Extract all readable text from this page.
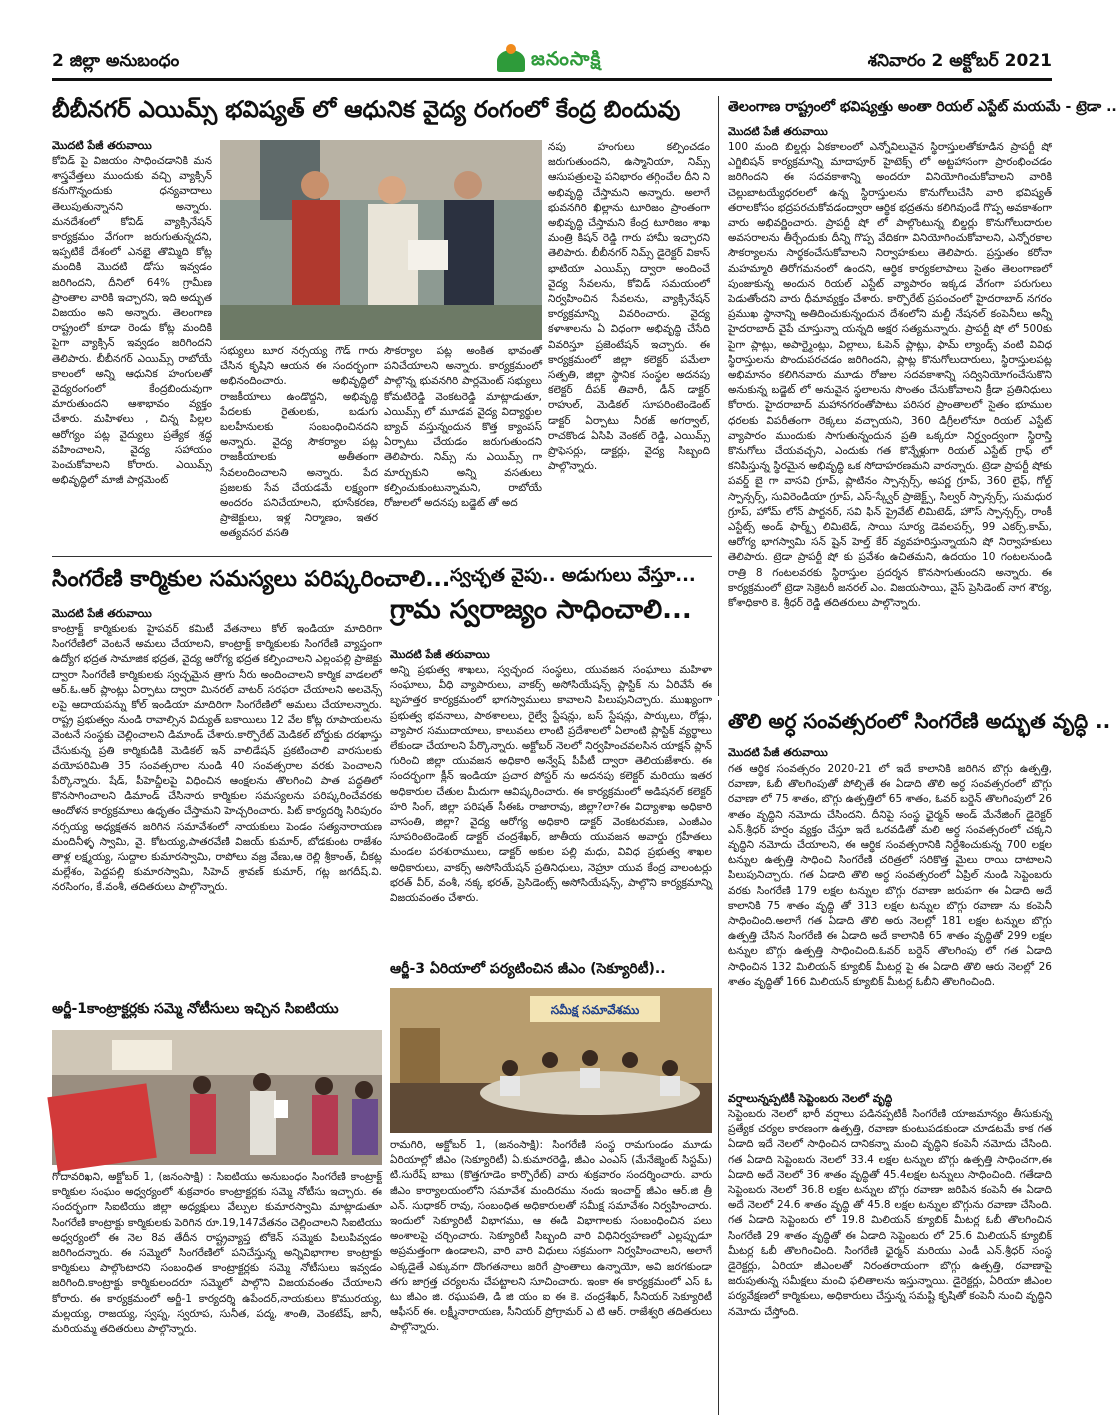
2 జిల్లా అనుబంధం	జనంసాక్షి	శనివారం 2 అక్టోబర్ 2021
బీబీనగర్ ఎయిమ్స్ భవిష్యత్ లో ఆధునిక వైద్య రంగంలో కేంద్ర బిందువు
మొదటి పేజీ తరువాయి
కోవిడ్ పై విజయం సాధించడానికి మన శాస్త్రవేత్తలు ముందుకు వచ్చి వ్యాక్సిన్ కనుగొన్నందుకు ధన్యవాదాలు తెలుపుతున్నానని అన్నారు. మనదేశంలో కోవిడ్ వ్యాక్సినేషన్ కార్యక్రమం వేగంగా జరుగుతున్నదని, ఇప్పటికే దేశంలో ఎనభై తొమ్మిది కోట్ల మందికి మొదటి డోసు ఇవ్వడం జరిగిందని, దీనిలో 64% గ్రామీణ ప్రాంతాల వారికి ఇచ్చారని, ఇది అద్భుత విజయం అని అన్నారు. తెలంగాణ రాష్ట్రంలో కూడా రెండు కోట్ల మందికి పైగా వ్యాక్సిన్ ఇవ్వడం జరిగిందని తెలిపారు. బీబీనగర్ ఎయిమ్స్ రాబోయే కాలంలో అన్ని ఆధునిక హంగులతో వైద్యరంగంలో కేంద్రబిందువుగా మారుతుందని ఆశాభావం వ్యక్తం చేశారు. మహిళలు , చిన్న పిల్లల ఆరోగ్యం పట్ల వైద్యులు ప్రత్యేక శ్రద్ధ వహించాలని, వైద్య సహాయం పెంచుకోవాలని కోరారు. ఎయిమ్స్ అభివృద్ధిలో మాజీ పార్లమెంట్
సభ్యులు బూర నర్సయ్య గౌడ్ గారు చేసిన కృషిని ఆయన ఈ సందర్భంగా అభినందించారు. అభివృద్ధిలో రాజకీయాలు ఉండొద్దని, అభివృద్ధి పేదలకు రైతులకు, బడుగు బలహీనులకు సంబంధించినదని అన్నారు. వైద్య సౌకర్యాల పట్ల రాజకీయాలకు అతీతంగా సేవలందించాలని అన్నారు. పేద ప్రజలకు సేవ చేయడమే లక్ష్యంగా అందరం పనిచేయాలని, భూసేకరణ, ప్రాజెక్టులు, ఇళ్ల నిర్మాణం, ఇతర అత్యవసర వసతి
సౌకర్యాల పట్ల అంకిత భావంతో పనిచేయాలని అన్నారు. కార్యక్రమంలో పాల్గొన్న భువనగిరి పార్లమెంట్ సభ్యులు కోమటిరెడ్డి వెంకటరెడ్డి మాట్లాడుతూ, ఎయిమ్స్ లో మూడవ వైద్య విద్యార్థుల బ్యాచ్ వస్తున్నందున కొత్త క్యాంపస్ ఏర్పాటు చేయడం జరుగుతుందని తెలిపారు. నిమ్స్ ను ఎయిమ్స్ గా మార్చుకుని అన్ని వసతులు కల్పించుకుంటున్నామని, రాబోయే రోజులలో అదనపు బడ్జెట్ తో అద
నపు హంగులు కల్పించడం జరుగుతుందని, ఉస్మానియా, నిమ్స్ ఆసుపత్రులపై పనిభారం తగ్గించేల దీని ని అభివృద్ధి చేస్తామని అన్నారు. అలాగే భువనగిరి ఖిల్లాను టూరిజం ప్రాంతంగా అభివృద్ధి చేస్తామని కేంద్ర టూరిజం శాఖ మంత్రి కిషన్ రెడ్డి గారు హామీ ఇచ్చారని తెలిపారు. బీబీనగర్ నిమ్స్ డైరెక్టర్ వికాస్ భాటియా ఎయిమ్స్ ద్వారా అందించే వైద్య సేవలను, కోవిడ్ సమయంలో నిర్వహించిన సేవలను, వ్యాక్సినేషన్ కార్యక్రమాన్ని వివరించారు. వైద్య కళాశాలను ఏ విధంగా అభివృద్ధి చేసేది వివరిస్తూ ప్రజెంటేషన్ ఇచ్చారు. ఈ కార్యక్రమంలో జిల్లా కలెక్టర్ పమేలా సత్పతి, జిల్లా స్థానిక సంస్థల అదనపు కలెక్టర్ దీపక్ తివారీ, డీన్ డాక్టర్ రాహుల్, మెడికల్ సూపరింటెండెంట్ డాక్టర్ ఏర్పాటు నీరజ్ అగర్వాల్, రాచకొండ ఏసిపి వెంకట్ రెడ్డి, ఎయిమ్స్ ప్రొఫెసర్లు, డాక్టర్లు, వైద్య సిబ్బంది పాల్గొన్నారు.
తెలంగాణ రాష్ట్రంలో భవిష్యత్తు అంతా రియల్ ఎస్టేట్ మయమే - ట్రెడా ..
మొదటి పేజీ తరువాయి
100 మంది బిల్డర్లు ఏకకాలంలో ఎన్నోవిలువైన స్థిరాస్తులతోకూడిన ప్రాపర్టీ షో ఎగ్జిబిషన్ కార్యక్రమాన్ని మాదాపూర్ హైటెక్స్ లో అట్టహాసంగా ప్రారంభించడం జరిగిందని ఈ సదవకాశాన్ని అందరూ వినియోగించుకోవాలని వారికి చెల్లుబాటయ్యేధరలలో ఉన్న స్థిరాస్తులను కొనుగోలుచేసి వారి భవిష్యత్ తరాలకోసం భద్రపరచుకోవడంద్వారా ఆర్థిక భద్రతను కలిగివుండే గొప్ప అవకాశంగా వారు అభివర్ణించారు. ప్రాపర్టీ షో లో పాల్గొంటున్న బిల్డర్లు కొనుగోలుదారుల అవసరాలను తీర్చేందుకు దీన్ని గొప్ప వేదికగా వినియోగించుకోవాలని, ఎన్నోరకాల సౌకర్యాలను సార్థకంచేసుకోవాలని నిర్వాహకులు తెలిపారు. ప్రస్తుతం కరోనా మహమ్మారి తిరోగమనంలో ఉందని, ఆర్థిక కార్యకలాపాలు సైతం తెలంగాణలో పుంజుకున్న అందున రియల్ ఎస్టేట్ వ్యాపారం ఇక్కడ వేగంగా పరుగులు పెడుతోందని వారు ధీమావ్యక్తం చేశారు. కార్పొరేట్ ప్రపంచంలో హైదరాబాద్ నగరం ప్రముఖ స్థానాన్ని అతిదించుకున్నందున దేశంలోని మల్టీ నేషనల్ కంపెనీలు అన్నీ హైదరాబాద్ వైపే చూస్తున్నా యన్నది అక్షర సత్యమన్నారు. ప్రాపర్టీ షో లో 500కు పైగా ప్లాట్లు, అపార్ట్మెంట్లు, విల్లాలు, ఓపెన్ ప్లాట్లు, ఫామ్ ల్యాండ్స్ వంటి వివిధ స్థిరాస్తులను పొందుపరచడం జరిగిందని, ప్లాట్ల కొనుగోలుదారులు, స్థిరాస్తులపట్ల అభిమానం కలిగినవారు మూడు రోజుల సదవకాశాన్ని సద్వినియోగంచేసుకొని అనుకున్న బడ్జెట్ లో అనువైన స్థలాలను సొంతం చేసుకోవాలని క్రీడా ప్రతినిధులు కోరారు. హైదరాబాద్ మహానగరంతోపాటు పరిసర ప్రాంతాలలో సైతం భూముల ధరలకు విపరీతంగా రెక్కలు వచ్చాయని, 360 డిగ్రీలలోనూ రియల్ ఎస్టేట్ వ్యాపారం ముందుకు సాగుతున్నందున ప్రతి ఒక్కరూ నిర్ధ్వంద్వంగా స్థిరాస్తి కొనుగోలు చేయవచ్చని, ఎందుకు గత కొన్నేళ్లుగా రియల్ ఎస్టేట్ గ్రాఫ్ లో కనిపిస్తున్న స్థిరమైన అభివృద్ధి ఒక సోదాహరణమని వారన్నారు. ట్రెడా ప్రాపర్టీ షోకు పవర్డ్ బై గా వాసవి గ్రూప్, ప్లాటినం స్పాన్సర్స్, అపర్ణ గ్రూప్, 360 లైఫ్, గోల్డ్ స్పాన్సర్స్, సువిరెండియా గ్రూప్, ఎస్-స్క్వేర్ ప్రాజెక్ట్స్, సిల్వర్ స్పాన్సర్స్, సుమధుర గ్రూప్, హోమ్ లోన్ పార్టనర్, సవి ఫిన్ ప్రైవేట్ లిమిటెడ్, హౌస్ స్పాన్సర్స్, రాంకీ ఎస్టేట్స్ అండ్ ఫార్మ్స్ లిమిటెడ్, సాయి సూర్య డెవలపర్స్, 99 ఎకర్స్.కామ్, ఆరోగ్య భాగస్వామి సన్ షైన్ హెల్త్ కేర్ వ్యవహరిస్తున్నాయని షో నిర్వాహకులు తెలిపారు. ట్రెడా ప్రాపర్టీ షో కు ప్రవేశం ఉచితమని, ఉదయం 10 గంటలనుండి రాత్రి 8 గంటలవరకు స్థిరాస్తుల ప్రదర్శన కొనసాగుతుందని అన్నారు. ఈ కార్యక్రమంలో ట్రెడా సెక్రెటరీ జనరల్ ఎం. విజయసాయి, వైస్ ప్రెసిడెంట్ నాగ శౌర్య, కోశాధికారి కె. శ్రీధర్ రెడ్డి తదితరులు పాల్గొన్నారు.
సింగరేణి కార్మికుల సమస్యలు పరిష్కరించాలి...
మొదటి పేజీ తరువాయి
కాంట్రాక్ట్ కార్మికులకు హైపవర్ కమిటీ వేతనాలు కోల్ ఇండియా మాదిరిగా సింగరేణిలో వెంటనే అమలు చేయాలని, కాంట్రాక్ట్ కార్మికులకు సింగరేణి వ్యాప్తంగా ఉద్యోగ భద్రత సామాజిక భద్రత, వైద్య ఆరోగ్య భద్రత కల్పించాలని ఎల్లంపల్లి ప్రాజెక్టు ద్వారా సింగరేణి కార్మికులకు స్వచ్ఛమైన త్రాగు నీరు అందించాలని కార్మిక వాడలలో ఆర్.ఓ.ఆర్ ప్లాంట్లు ఏర్పాటు ద్వారా మినరల్ వాటర్ సరఫరా చేయాలని అలవెన్స్ లపై ఆదాయపన్ను కోల్ ఇండియా మాదిరిగా సింగరేణిలో అమలు చేయాలన్నారు. రాష్ట్ర ప్రభుత్వం నుండి రావాల్సిన విద్యుత్ బకాయిలు 12 వేల కోట్ల రూపాయలను వెంటనే సంస్థకు చెల్లించాలని డిమాండ్ చేశారు.కార్పొరేట్ మెడికల్ బోర్డుకు దరఖాస్తు చేసుకున్న ప్రతి కార్మికుడికి మెడికల్ ఇన్ వాలిడేషన్ ప్రకటించాలి వారసులకు వయోపరిమితి 35 సంవత్సరాల నుండి 40 సంవత్సరాల వరకు పెంచాలని పేర్కొన్నారు. షేడ్, పీహెచ్డీలపై విధించిన ఆంక్షలను తొలగించి పాత పద్ధతిలో కొనసాగించాలని డిమాండ్ చేసినారు కార్మికుల సమస్యలను పరిష్కరించేవరకు ఆందోళన కార్యక్రమాలు ఉధృతం చేస్తామని హెచ్చరించారు. పిట్ కార్యదర్శి సిరిపురం నర్సయ్య అధ్యక్షతన జరిగిన సమావేశంలో నాయకులు పెండం సత్యనారాయణ మందినీళ్ళ స్వామి, వై. కోటయ్య,పాతరవేణి విజయ్ కుమార్, బోడకుంట రాజేశం తాళ్ల లక్ష్మయ్య, సుద్దాల కుమారస్వామి, రాపోలు వజ్ర వేణు,ఆ రెల్లి శ్రీకాంత్, చీకట్ల మల్లేశం, పెద్దపల్లి కుమారస్వామి, సిహెచ్ శ్రావణ్ కుమార్, గట్ల జగదీష్.వి. నరసింగం, కే.వంశీ, తదితరులు పాల్గొన్నారు.
స్వచ్ఛత వైపు.. అడుగులు వేస్తూ...
గ్రామ స్వరాజ్యం సాధించాలి...
మొదటి పేజీ తరువాయి
అన్ని ప్రభుత్వ శాఖలు, స్వచ్ఛంద సంస్థలు, యువజన సంఘాలు మహిళా సంఘాలు, వీధి వ్యాపారులు, వాకర్స్ అసోసియేషన్స్ ప్లాస్టిక్ ను ఏరివేసే ఈ బృహత్తర కార్యక్రమంలో భాగస్వాములు కావాలని పిలుపునిచ్చారు. ముఖ్యంగా ప్రభుత్వ భవనాలు, పాఠశాలలు, రైల్వే స్టేషన్లు, బస్ స్టేషన్లు, పార్కులు, రోడ్లు, వ్యాపార సముదాయాలు, కాలువలు లాంటి ప్రదేశాలలో ఏలాంటి ప్లాస్టిక్ వ్యర్థాలు లేకుండా చేయాలని పేర్కొన్నారు. అక్టోబర్ నెలలో నిర్వహించవలసిన యాక్షన్ ప్లాన్ గురించి జిల్లా యువజన అధికారి అన్వేష్ పీపీటీ ద్వారా తెలియజేశారు. ఈ సందర్భంగా క్లీన్ ఇండియా ప్రచార పోస్టర్ ను అదనపు కలెక్టర్ మరియు ఇతర అధికారుల చేతుల మీదుగా ఆవిష్కరించారు. ఈ కార్యక్రమంలో అడిషనల్ కలెక్టర్ హరి సింగ్, జిల్లా పరిషత్ సీఈఓ రాజారావు, జిల్లా?లా?ఈ విద్యాశాఖ అధికారి వాసంతి, జిల్లా? వైద్య ఆరోగ్య అధికారి డాక్టర్ వెంకటరమణ, ఎంజీఎం సూపరింటెండెంట్ డాక్టర్ చంద్రశేఖర్, జాతీయ యువజన అవార్డు గ్రహీతలు మండల పరశురాములు, డాక్టర్ అకుల పల్లి మధు, వివిధ ప్రభుత్వ శాఖల అధికారులు, వాకర్స్ అసోసియేషన్ ప్రతినిధులు, నెహ్రూ యువ కేంద్ర వాలంటర్లు భరత్ వీర్, వంశీ, నక్క భరత్, ప్రెసిడెంట్స్ అసోసియేషన్స్, పాల్గొని కార్యక్రమాన్ని విజయవంతం చేశారు.
తొలి అర్ధ సంవత్సరంలో సింగరేణి అద్భుత వృద్ధి ..
మొదటి పేజీ తరువాయి
గత ఆర్థిక సంవత్సరం 2020-21 లో ఇదే కాలానికి జరిగిన బొగ్గు ఉత్పత్తి, రవాణా, ఓబీ తొలగింపుతో పోల్చితే ఈ ఏడాది తొలి అర్ధ సంవత్సరంలో బొగ్గు రవాణా లో 75 శాతం, బొగ్గు ఉత్పత్తిలో 65 శాతం, ఓవర్ బర్డెన్ తొలగింపులో 26 శాతం వృద్ధిని నమోదు చేసిందని. దీనిపై సంస్థ ఛైర్మన్ అండ్ మేనేజింగ్ డైరెక్టర్ ఎన్.శ్రీధర్ హర్షం వ్యక్తం చేస్తూ ఇదే ఒరవడితో మలి అర్ధ సంవత్సరంలో చక్కని వృద్ధిని నమోదు చేయాలని, ఈ ఆర్థిక సంవత్సరానికి నిర్దేశించుకున్న 700 లక్షల టన్నుల ఉత్పత్తి సాధించి సింగరేణి చరిత్రలో సరికొత్త మైలు రాయి దాటాలని పిలుపునిచ్చారు. గత ఏడాది తొలి అర్ధ సంవత్సరంలో ఏప్రిల్ నుండి సెప్టెంబరు వరకు సింగరేణి 179 లక్షల టన్నుల బొగ్గు రవాణా జరుపగా ఈ ఏడాది అదే కాలానికి 75 శాతం వృద్ధి తో 313 లక్షల టన్నుల బొగ్గు రవాణా ను కంపెనీ సాధించింది.అలాగే గత ఏడాది తొలి అరు నెలల్లో 181 లక్షల టన్నుల బొగ్గు ఉత్పత్తి చేసిన సింగరేణి ఈ ఏడాది అదే కాలానికి 65 శాతం వృద్ధితో 299 లక్షల టన్నుల బొగ్గు ఉత్పత్తి సాధించింది.ఓవర్ బర్డెన్ తొలగింపు లో గత ఏడాది సాధించిన 132 మిలియన్ క్యూబిక్ మీటర్ల పై ఈ ఏడాది తొలి ఆరు నెలల్లో 26 శాతం వృద్ధితో 166 మిలియన్ క్యూబిక్ మీటర్ల ఓబీని తొలగించింది.
వర్షాలున్నప్పటికీ సెప్టెంబరు నెలలో వృద్ధి
సెప్టెంబరు నెలలో భారీ వర్షాలు పడినప్పటికీ సింగరేణి యాజమాన్యం తీసుకున్న ప్రత్యేక చర్యల కారణంగా ఉత్పత్తి, రవాణా కుంటుపడకుండా చూడటమే కాక గత ఏడాది ఇదే నెలలో సాధించిన దానికన్నా మంచి వృద్ధిని కంపెనీ నమోదు చేసింది. గత ఏడాది సెప్టెంబరు నెలలో 33.4 లక్షల టన్నుల బొగ్గు ఉత్పత్తి సాధించగా,ఈ ఏడాది అదే నెలలో 36 శాతం వృద్ధితో 45.4లక్షల టన్నులు సాధించింది. గతేడాది సెప్టెంబరు నెలలో 36.8 లక్షల టన్నుల బొగ్గు రవాణా జరిపిన కంపెనీ ఈ ఏడాది అదే నెలలో 24.6 శాతం వృద్ధి తో 45.8 లక్షల టన్నుల బొగ్గును రవాణా చేసింది. గత ఏడాది సెప్టెంబరు లో 19.8 మిలియన్ క్యూబిక్ మీటర్ల ఓబీ తొలగించిన సింగరేణి 29 శాతం వృద్ధితో ఈ ఏడాది సెప్టెంబరు లో 25.6 మిలియన్ క్యూబిక్ మీటర్ల ఓబీ తొలగించింది. సింగరేణి ఛైర్మన్ మరియు ఎండీ ఎన్.శ్రీధర్ సంస్థ డైరెక్టర్లు, ఏరియా జీఎంలతో నిరంతరాయంగా బొగ్గు ఉత్పత్తి, రవాణాపై జరుపుతున్న సమీక్షలు మంచి ఫలితాలను ఇస్తున్నాయి. డైరెక్టర్లు, ఏరియా జీఎంల పర్యవేక్షణలో కార్మికులు, అధికారులు చేస్తున్న సమష్టి కృషితో కంపెనీ నుంచి వృద్ధిని నమోదు చేస్తోంది.
అర్జీ-1కాంట్రాక్టర్లకు సమ్మె నోటీసులు ఇచ్చిన సిఐటియు
గోదావరిఖని, అక్టోబర్ 1, (జనంసాక్షి) : సిఐటియు అనుబంధం సింగరేణి కాంట్రాక్ట్ కార్మికుల సంఘం అధ్వర్యంలో శుక్రవారం కాంట్రాక్టర్లకు సమ్మె నోటీసు ఇచ్చారు. ఈ సందర్భంగా సిఐటియు జిల్లా అధ్యక్షులు వేల్పుల కుమారస్వామి మాట్లాడుతూ సింగరేణి కాంట్రాక్టు కార్మికులకు పెరిగిన రూ.19,147వేతనం చెల్లించాలని సిఐటియు అధ్వర్యంలో ఈ నెల 8వ తేదీన రాష్ట్రవ్యాప్త టోకెన్ సమ్మెకు పిలుపివ్వడం జరిగిందన్నారు. ఈ సమ్మెలో సింగరేణిలో పనిచేస్తున్న అన్నివిభాగాల కాంట్రాక్టు కార్మికులు పాల్గొంటారని సంబంధిత కాంట్రాక్టర్లకు సమ్మె నోటీసులు ఇవ్వడం జరిగింది.కాంట్రాక్టు కార్మికులందరూ సమ్మెలో పాల్గొని విజయవంతం చేయాలని కోరారు. ఈ కార్యక్రమంలో అర్జీ-1 కార్యదర్శి ఉపేందర్,నాయకులు కొమురయ్య, మల్లయ్య, రాజయ్య, స్వప్న, స్వరూప, సునీత, పద్మ, శాంతి, వెంకటేష్, జానీ, మరియమ్మ తదితరులు పాల్గొన్నారు.
ఆర్జీ-3 ఏరియాలో పర్యటించిన జీఎం (సెక్యూరిటీ)..
సమీక్ష సమావేశము
రామగిరి, అక్టోబర్ 1, (జనంసాక్షి): సింగరేణి సంస్థ రామగుండం మూడు ఏరియాల్లో జీఎం (సెక్యూరిటీ) ఏ.కుమారరెడ్డి, జీఎం ఎంఎస్ (మేనేజ్మెంట్ సిస్టమ్) టి.సురేష్ బాబు (కొత్తగూడెం కార్పొరేట్) వారు శుక్రవారం సందర్శించారు. వారు జీఎం కార్యాలయంలోని సమావేశ మందిరము నందు ఇంచార్జ్ జీఎం ఆర్.జి త్రీ ఎన్. సుధాకర్ రావు, సంబంధిత అధికారులతో సమీక్ష సమావేశం నిర్వహించారు. ఇందులో సెక్యూరిటీ విభాగము, ఆ ఈడి విభాగాలకు సంబంధించిన పలు అంశాలపై చర్చించారు. సెక్యూరిటీ సిబ్బంది వారి విధినిర్వహణలో ఎల్లప్పుడూ అప్రమత్తంగా ఉండాలని, వారి వారి విధులు సక్రమంగా నిర్వహించాలని, అలాగే ఎక్కడైతే ఎక్కువగా దొంగతనాలు జరిగే ప్రాంతాలు ఉన్నాయో, అవి జరగకుండా తగు జాగ్రత్త చర్యలను చేపట్టాలని సూచించారు. ఇంకా ఈ కార్యక్రమంలో ఎస్ ఓ టు జీఎం జి. రఘుపతి, డి జి యం ఐ ఈ కె. చంద్రశేఖర్, సీనియర్ సెక్యూరిటీ ఆఫీసర్ ఈ. లక్ష్మీనారాయణ, సీనియర్ ప్రోగ్రామర్ ఎ టి ఆర్. రాజేశ్వరి తదితరులు పాల్గొన్నారు.
